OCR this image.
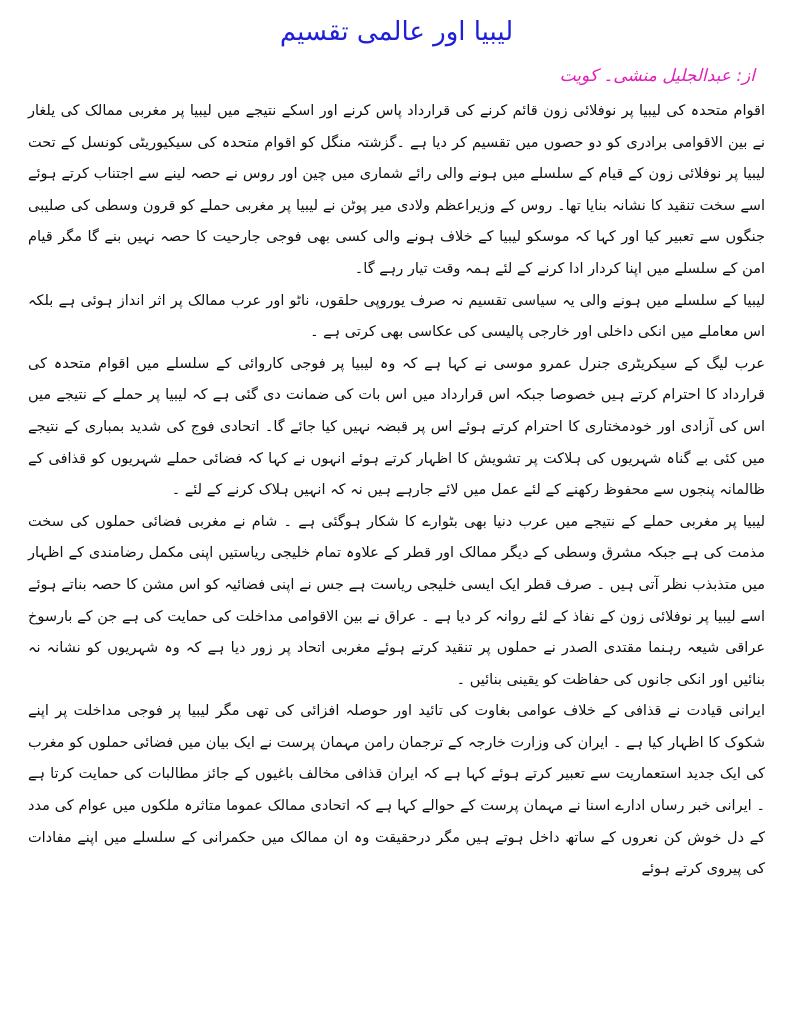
لیبیا اور عالمی تقسیم
از: عبدالجلیل منشی۔ کویت

اقوام متحدہ کی لیبیا پر نوفلائی زون قائم کرنے کی قرارداد پاس کرنے اور اسکے نتیجے میں لیبیا پر مغربی ممالک کی یلغار نے بین الاقوامی برادری کو دو حصوں میں تقسیم کر دیا ہے ۔گزشتہ منگل کو اقوام متحدہ کی سیکیوریٹی کونسل کے تحت لیبیا پر نوفلائی زون کے قیام کے سلسلے میں ہونے والی رائے شماری میں چین اور روس نے حصہ لینے سے اجتناب کرتے ہوئے اسے سخت تنقید کا نشانہ بنایا تھا۔ روس کے وزیراعظم ولادی میر پوٹن نے لیبیا پر مغربی حملے کو قرون وسطی کی صلیبی جنگوں سے تعبیر کیا اور کہا کہ موسکو لیبیا کے خلاف ہونے والی کسی بھی فوجی جارحیت کا حصہ نہیں بنے گا مگر قیام امن کے سلسلے میں اپنا کردار ادا کرنے کے لئے ہمہ وقت تیار رہے گا۔

لیبیا کے سلسلے میں ہونے والی یہ سیاسی تقسیم نہ صرف یوروپی حلقوں، ناٹو اور عرب ممالک پر اثر انداز ہوئی ہے بلکہ اس معاملے میں انکی داخلی اور خارجی پالیسی کی عکاسی بھی کرتی ہے ۔

عرب لیگ کے سیکریٹری جنرل عمرو موسی نے کہا ہے کہ وہ لیبیا پر فوجی کاروائی کے سلسلے میں اقوام متحدہ کی قرارداد کا احترام کرتے ہیں خصوصا جبکہ اس قرارداد میں اس بات کی ضمانت دی گئی ہے کہ لیبیا پر حملے کے نتیجے میں اس کی آزادی اور خودمختاری کا احترام کرتے ہوئے اس پر قبضہ نہیں کیا جائے گا۔ اتحادی فوج کی شدید بمباری کے نتیجے میں کئی بے گناہ شہریوں کی ہلاکت پر تشویش کا اظہار کرتے ہوئے انہوں نے کہا کہ فضائی حملے شہریوں کو قذافی کے ظالمانہ پنجوں سے محفوظ رکھنے کے لئے عمل میں لائے جارہے ہیں نہ کہ انہیں ہلاک کرنے کے لئے ۔

لیبیا پر مغربی حملے کے نتیجے میں عرب دنیا بھی بٹوارے کا شکار ہوگئی ہے ۔ شام نے مغربی فضائی حملوں کی سخت مذمت کی ہے جبکہ مشرق وسطی کے دیگر ممالک اور قطر کے علاوہ تمام خلیجی ریاستیں اپنی مکمل رضامندی کے اظہار میں متذبذب نظر آتی ہیں ۔ صرف قطر ایک ایسی خلیجی ریاست ہے جس نے اپنی فضائیہ کو اس مشن کا حصہ بناتے ہوئے اسے لیبیا پر نوفلائی زون کے نفاذ کے لئے روانہ کر دیا ہے ۔ عراق نے بین الاقوامی مداخلت کی حمایت کی ہے جن کے بارسوخ عراقی شیعہ رہنما مقتدی الصدر نے حملوں پر تنقید کرتے ہوئے مغربی اتحاد پر زور دیا ہے کہ وہ شہریوں کو نشانہ نہ بنائیں اور انکی جانوں کی حفاظت کو یقینی بنائیں ۔

ایرانی قیادت نے قذافی کے خلاف عوامی بغاوت کی تائید اور حوصلہ افزائی کی تھی مگر لیبیا پر فوجی مداخلت پر اپنے شکوک کا اظہار کیا ہے ۔ ایران کی وزارت خارجہ کے ترجمان رامن مہمان پرست نے ایک بیان میں فضائی حملوں کو مغرب کی ایک جدید استعماریت سے تعبیر کرتے ہوئے کہا ہے کہ ایران قذافی مخالف باغیوں کے جائز مطالبات کی حمایت کرتا ہے ۔ ایرانی خبر رساں ادارے اسنا نے مہمان پرست کے حوالے کہا ہے کہ اتحادی ممالک عموما متاثرہ ملکوں میں عوام کی مدد کے دل خوش کن نعروں کے ساتھ داخل ہوتے ہیں مگر درحقیقت وہ ان ممالک میں حکمرانی کے سلسلے میں اپنے مفادات کی پیروی کرتے ہوئے
